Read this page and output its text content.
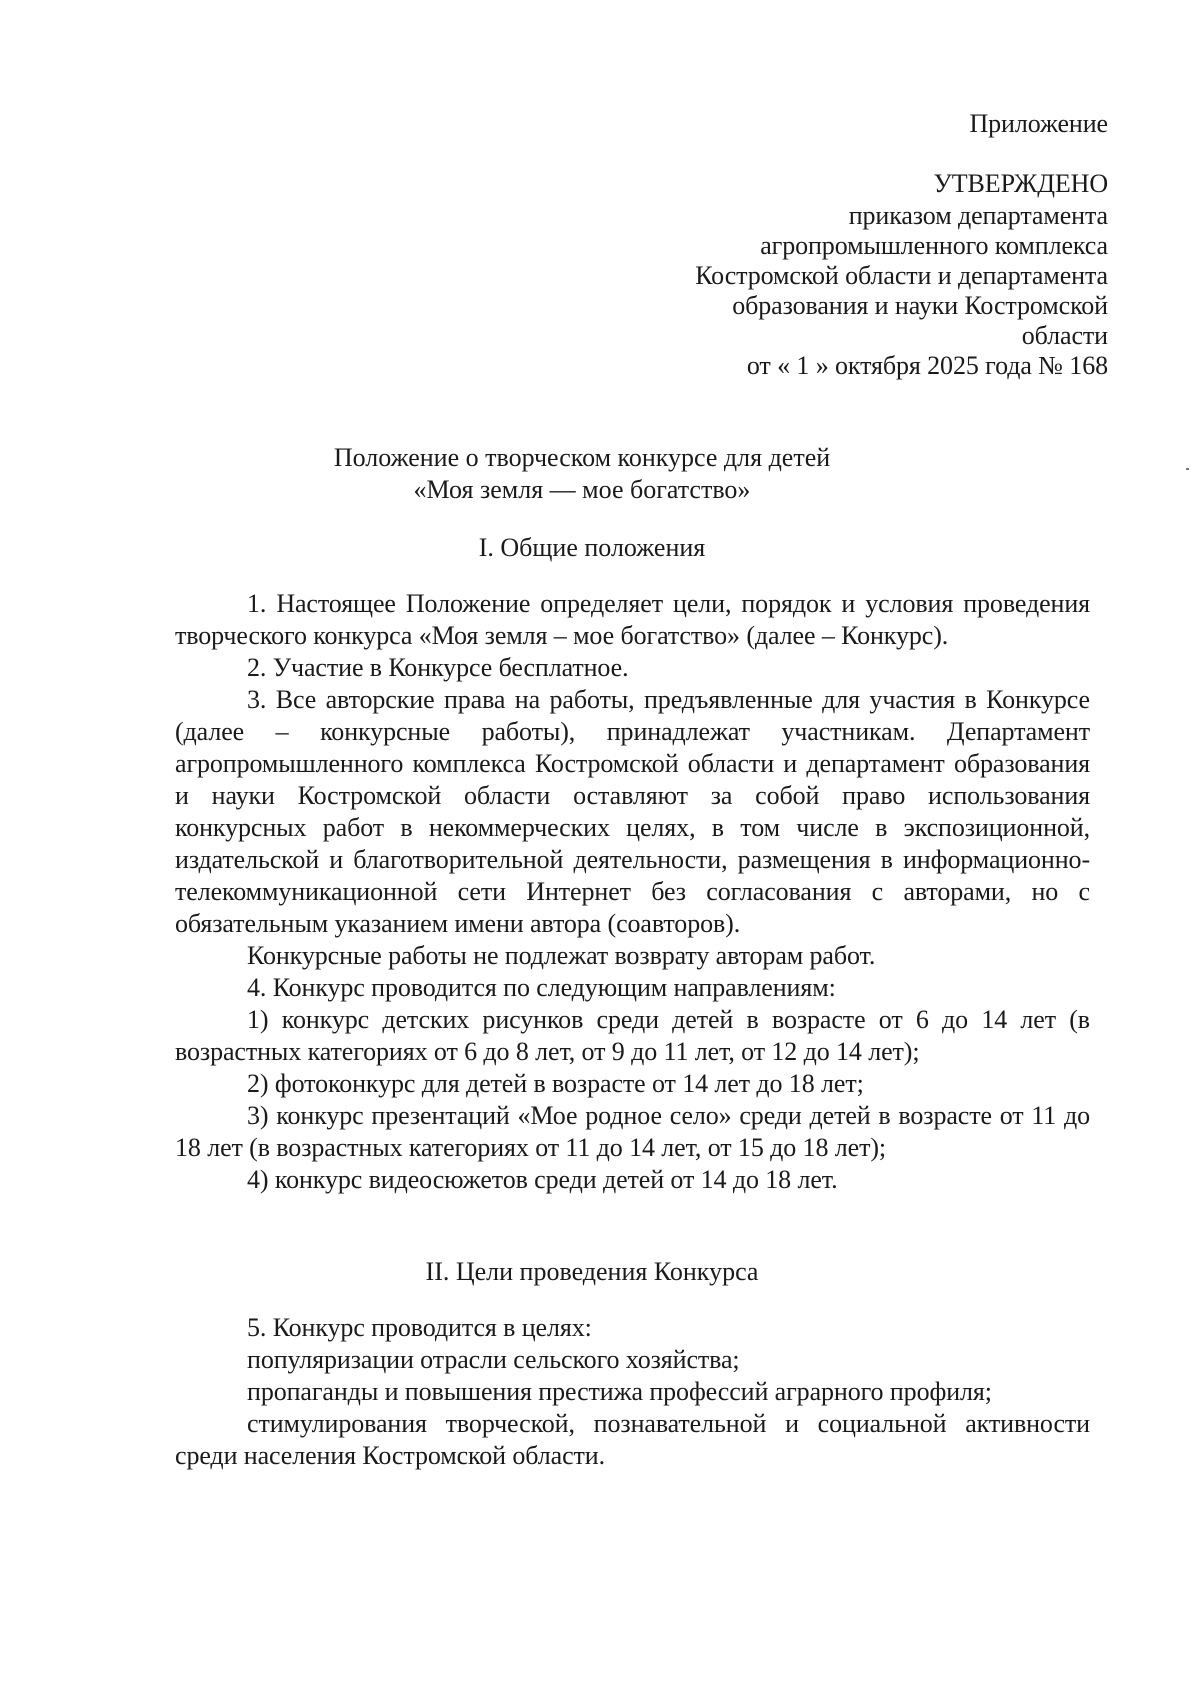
Приложение
УТВЕРЖДЕНО
приказом департамента
агропромышленного комплекса
Костромской области и департамента
образования и науки Костромской
области
от « 1 » октября 2025 года № 168
Положение о творческом конкурсе для детей
«Моя земля — мое богатство»
I. Общие положения

1. Настоящее Положение определяет цели, порядок и условия проведения творческого конкурса «Моя земля – мое богатство» (далее – Конкурс).

2. Участие в Конкурсе бесплатное.

3. Все авторские права на работы, предъявленные для участия в Конкурсе (далее – конкурсные работы), принадлежат участникам. Департамент агропромышленного комплекса Костромской области и департамент образования и науки Костромской области оставляют за собой право использования конкурсных работ в некоммерческих целях, в том числе в экспозиционной, издательской и благотворительной деятельности, размещения в информационно-телекоммуникационной сети Интернет без согласования с авторами, но с обязательным указанием имени автора (соавторов).

Конкурсные работы не подлежат возврату авторам работ.

4. Конкурс проводится по следующим направлениям:

1) конкурс детских рисунков среди детей в возрасте от 6 до 14 лет (в возрастных категориях от 6 до 8 лет, от 9 до 11 лет, от 12 до 14 лет);

2) фотоконкурс для детей в возрасте от 14 лет до 18 лет;

3) конкурс презентаций «Мое родное село» среди детей в возрасте от 11 до 18 лет (в возрастных категориях от 11 до 14 лет, от 15 до 18 лет);

4) конкурс видеосюжетов среди детей от 14 до 18 лет.

II. Цели проведения Конкурса

5. Конкурс проводится в целях:

популяризации отрасли сельского хозяйства;

пропаганды и повышения престижа профессий аграрного профиля;

стимулирования творческой, познавательной и социальной активности среди населения Костромской области.
